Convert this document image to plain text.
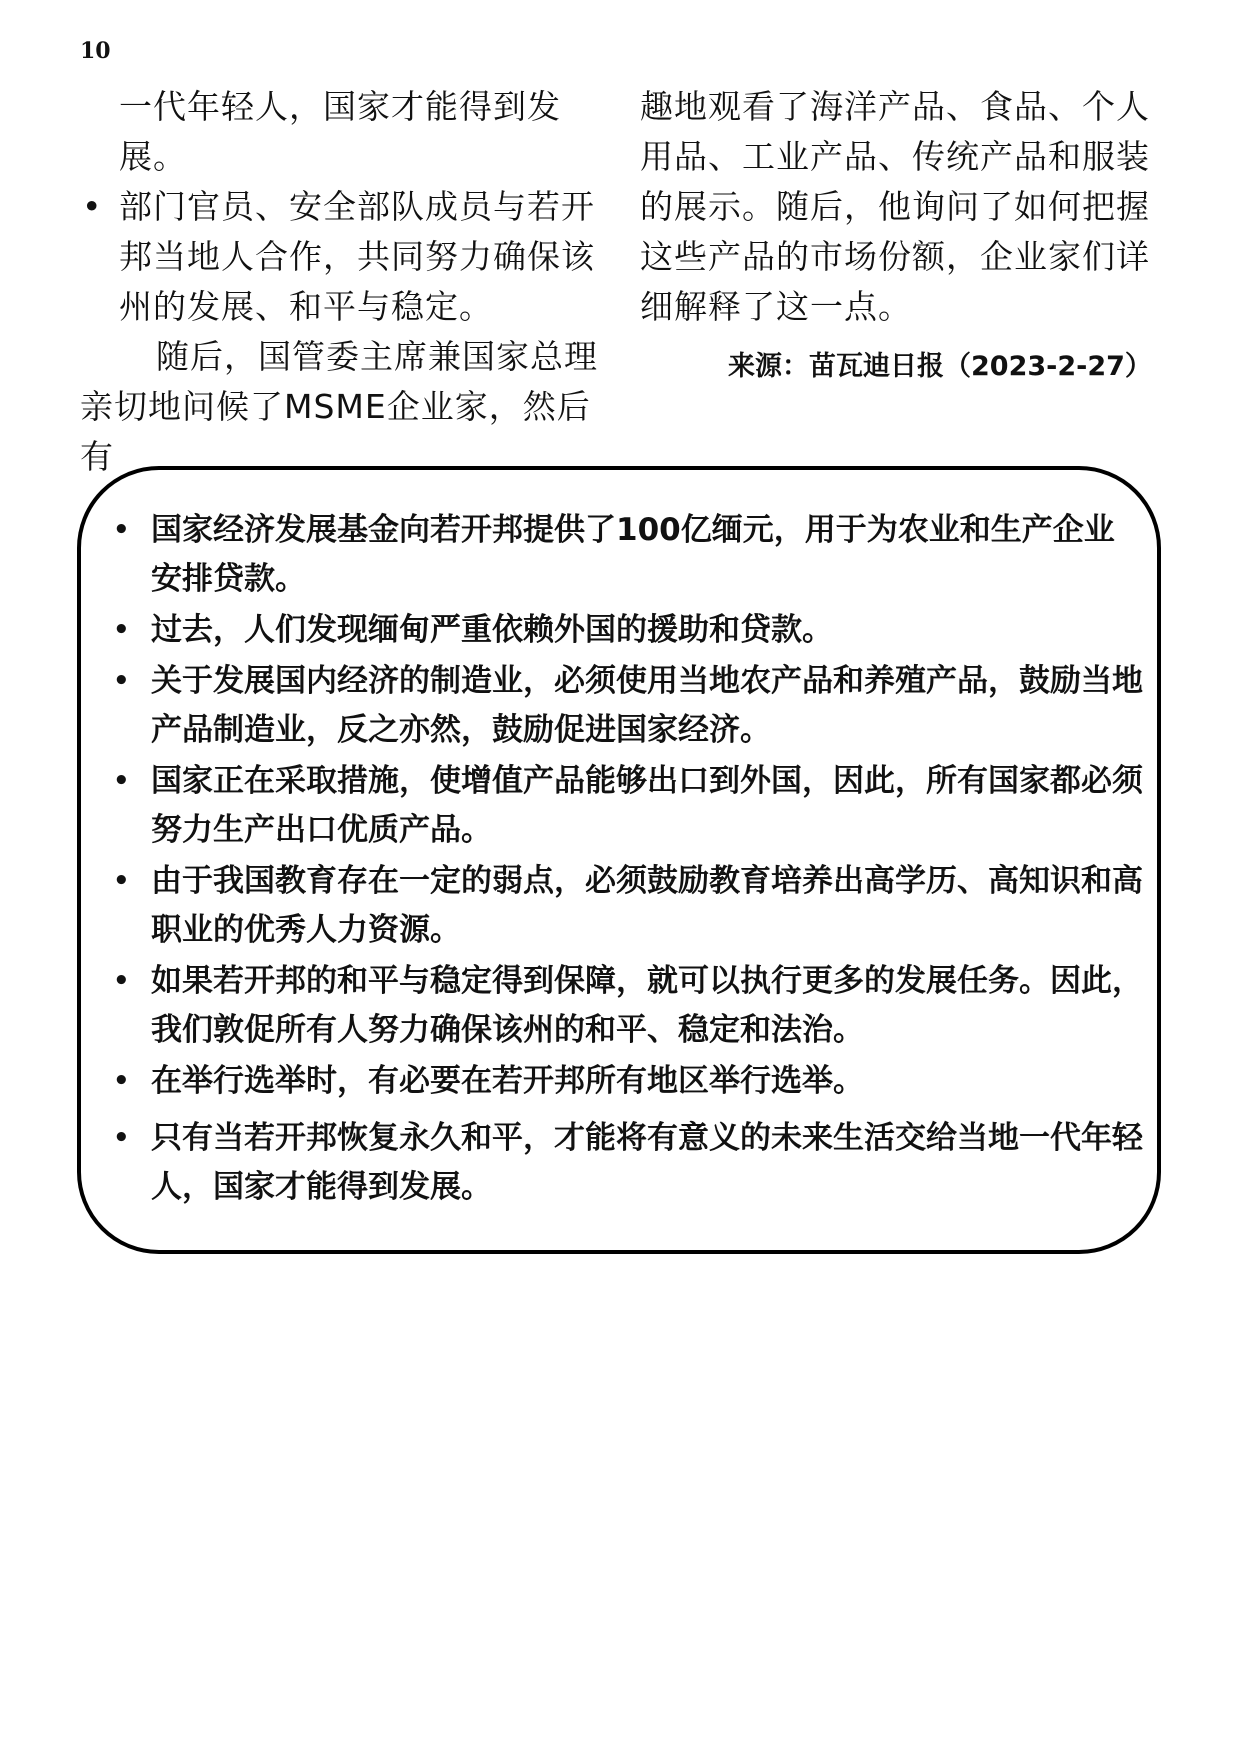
10
一代年轻人，国家才能得到发
展。
• 部门官员、安全部队成员与若开邦当地人合作，共同努力确保该州的发展、和平与稳定。

随后，国管委主席兼国家总理亲切地问候了MSME企业家，然后有

趣地观看了海洋产品、食品、个人用品、工业产品、传统产品和服装的展示。随后，他询问了如何把握这些产品的市场份额，企业家们详细解释了这一点。

来源：苗瓦迪日报（2023-2-27）
• 国家经济发展基金向若开邦提供了100亿缅元，用于为农业和生产企业安排贷款。
• 过去，人们发现缅甸严重依赖外国的援助和贷款。
• 关于发展国内经济的制造业，必须使用当地农产品和养殖产品，鼓励当地产品制造业，反之亦然，鼓励促进国家经济。
• 国家正在采取措施，使增值产品能够出口到外国，因此，所有国家都必须努力生产出口优质产品。
• 由于我国教育存在一定的弱点，必须鼓励教育培养出高学历、高知识和高职业的优秀人力资源。
• 如果若开邦的和平与稳定得到保障，就可以执行更多的发展任务。因此，我们敦促所有人努力确保该州的和平、稳定和法治。
• 在举行选举时，有必要在若开邦所有地区举行选举。
• 只有当若开邦恢复永久和平，才能将有意义的未来生活交给当地一代年轻人，国家才能得到发展。
